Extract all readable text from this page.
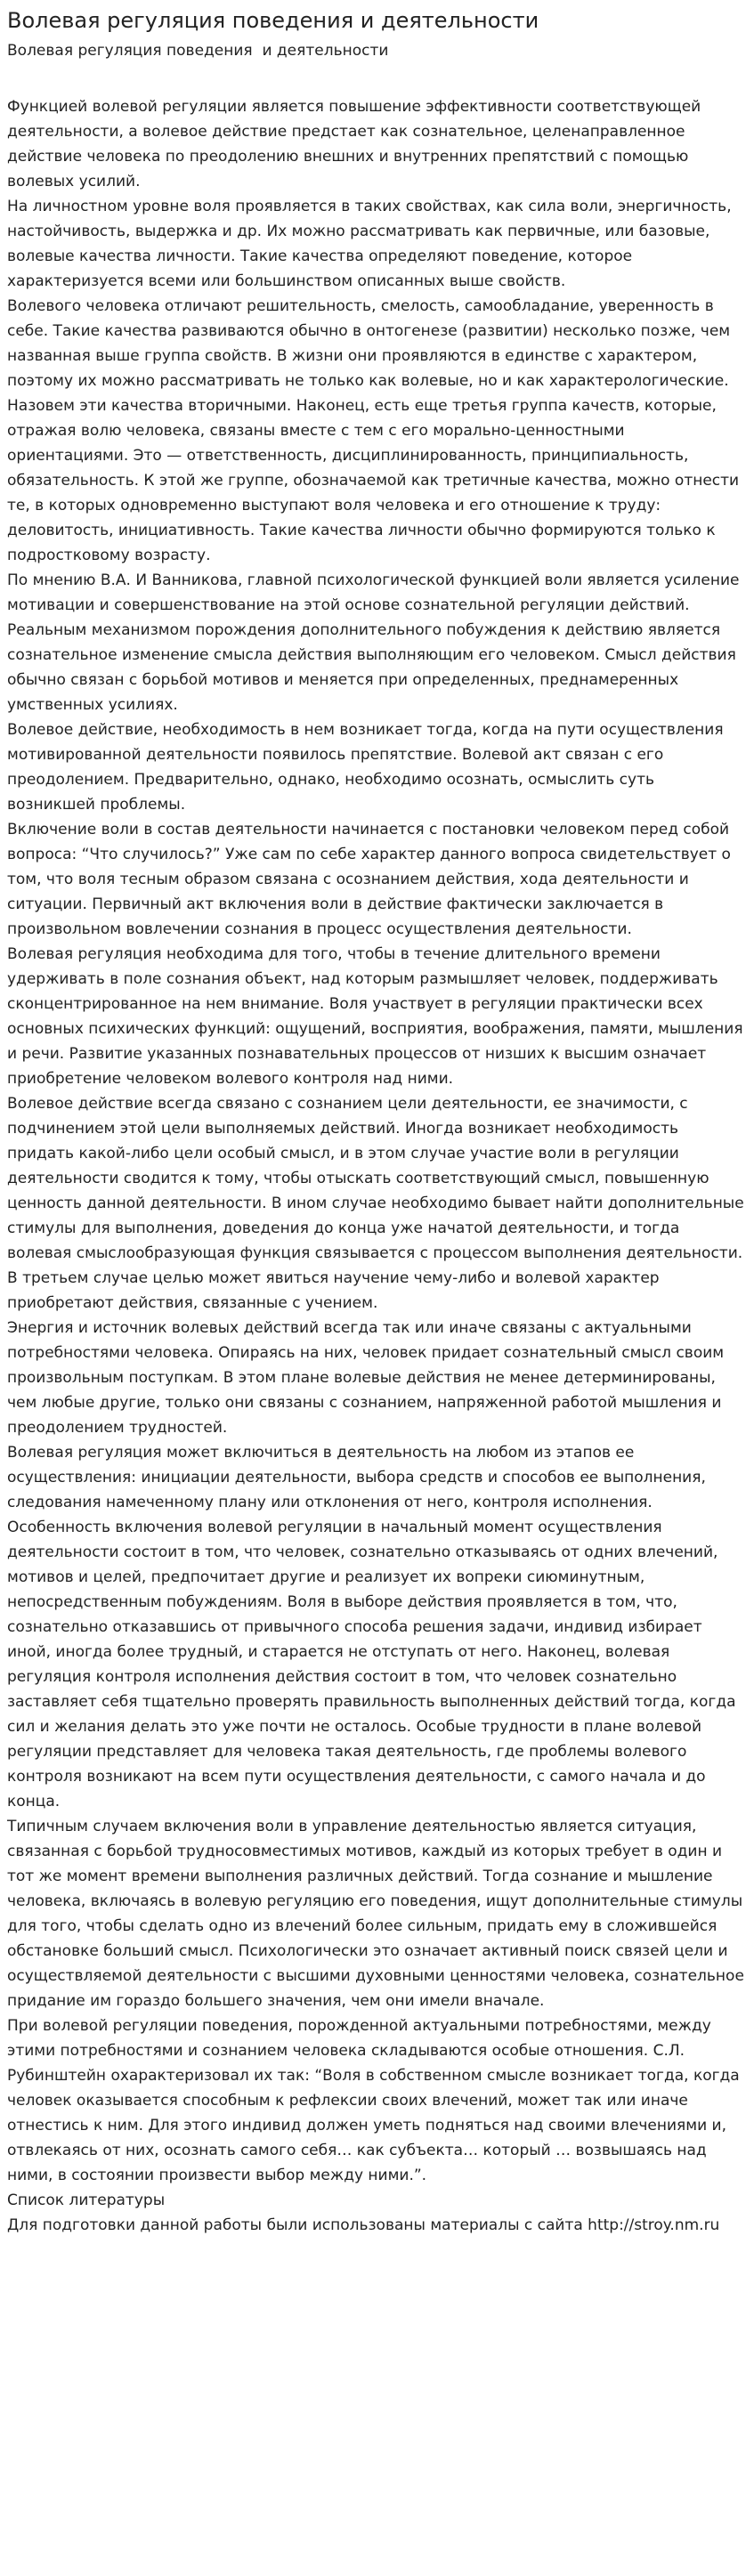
Волевая регуляция поведения и деятельности
Волевая регуляция поведения  и деятельности

Функцией волевой регуляции является повышение эффективности соответствующей деятельности, а волевое действие предстает как сознательное, целенаправленное действие человека по преодолению внешних и внутренних препятствий с помощью волевых усилий.

На личностном уровне воля проявляется в таких свойствах, как сила воли, энергичность, настойчивость, выдержка и др. Их можно рассматривать как первичные, или базовые, волевые качества личности. Такие качества определяют поведение, которое характеризуется всеми или большинством описанных выше свойств.

Волевого человека отличают решительность, смелость, самообладание, уверенность в себе. Такие качества развиваются обычно в онтогенезе (развитии) несколько позже, чем названная выше группа свойств. В жизни они проявляются в единстве с характером, поэтому их можно рассматривать не только как волевые, но и как характерологические. Назовем эти качества вторичными. Наконец, есть еще третья группа качеств, которые, отражая волю человека, связаны вместе с тем с его морально-ценностными ориентациями. Это — ответственность, дисциплинированность, принципиальность, обязательность. К этой же группе, обозначаемой как третичные качества, можно отнести те, в которых одновременно выступают воля человека и его отношение к труду: деловитость, инициативность. Такие качества личности обычно формируются только к подростковому возрасту.

По мнению В.А. И Ванникова, главной психологической функцией воли является усиление мотивации и совершенствование на этой основе сознательной регуляции действий. Реальным механизмом порождения дополнительного побуждения к действию является сознательное изменение смысла действия выполняющим его человеком. Смысл действия обычно связан с борьбой мотивов и меняется при определенных, преднамеренных умственных усилиях.

Волевое действие, необходимость в нем возникает тогда, когда на пути осуществления мотивированной деятельности появилось препятствие. Волевой акт связан с его преодолением. Предварительно, однако, необходимо осознать, осмыслить суть возникшей проблемы.

Включение воли в состав деятельности начинается с постановки человеком перед собой вопроса: “Что случилось?” Уже сам по себе характер данного вопроса свидетельствует о том, что воля тесным образом связана с осознанием действия, хода деятельности и ситуации. Первичный акт включения воли в действие фактически заключается в произвольном вовлечении сознания в процесс осуществления деятельности.

Волевая регуляция необходима для того, чтобы в течение длительного времени удерживать в поле сознания объект, над которым размышляет человек, поддерживать сконцентрированное на нем внимание. Воля участвует в регуляции практически всех основных психических функций: ощущений, восприятия, воображения, памяти, мышления и речи. Развитие указанных познавательных процессов от низших к высшим означает приобретение человеком волевого контроля над ними.

Волевое действие всегда связано с сознанием цели деятельности, ее значимости, с подчинением этой цели выполняемых действий. Иногда возникает необходимость придать какой-либо цели особый смысл, и в этом случае участие воли в регуляции деятельности сводится к тому, чтобы отыскать соответствующий смысл, повышенную ценность данной деятельности. В ином случае необходимо бывает найти дополнительные стимулы для выполнения, доведения до конца уже начатой деятельности, и тогда волевая смыслообразующая функция связывается с процессом выполнения деятельности. В третьем случае целью может явиться научение чему-либо и волевой характер приобретают действия, связанные с учением.

Энергия и источник волевых действий всегда так или иначе связаны с актуальными потребностями человека. Опираясь на них, человек придает сознательный смысл своим произвольным поступкам. В этом плане волевые действия не менее детерминированы, чем любые другие, только они связаны с сознанием, напряженной работой мышления и преодолением трудностей.

Волевая регуляция может включиться в деятельность на любом из этапов ее осуществления: инициации деятельности, выбора средств и способов ее выполнения, следования намеченному плану или отклонения от него, контроля исполнения. Особенность включения волевой регуляции в начальный момент осуществления деятельности состоит в том, что человек, сознательно отказываясь от одних влечений, мотивов и целей, предпочитает другие и реализует их вопреки сиюминутным, непосредственным побуждениям. Воля в выборе действия проявляется в том, что, сознательно отказавшись от привычного способа решения задачи, индивид избирает иной, иногда более трудный, и старается не отступать от него. Наконец, волевая регуляция контроля исполнения действия состоит в том, что человек сознательно заставляет себя тщательно проверять правильность выполненных действий тогда, когда сил и желания делать это уже почти не осталось. Особые трудности в плане волевой регуляции представляет для человека такая деятельность, где проблемы волевого контроля возникают на всем пути осуществления деятельности, с самого начала и до конца.

Типичным случаем включения воли в управление деятельностью является ситуация, связанная с борьбой трудносовместимых мотивов, каждый из которых требует в один и тот же момент времени выполнения различных действий. Тогда сознание и мышление человека, включаясь в волевую регуляцию его поведения, ищут дополнительные стимулы для того, чтобы сделать одно из влечений более сильным, придать ему в сложившейся обстановке больший смысл. Психологически это означает активный поиск связей цели и осуществляемой деятельности с высшими духовными ценностями человека, сознательное придание им гораздо большего значения, чем они имели вначале.

При волевой регуляции поведения, порожденной актуальными потребностями, между этими потребностями и сознанием человека складываются особые отношения. С.Л. Рубинштейн охарактеризовал их так: “Воля в собственном смысле возникает тогда, когда человек оказывается способным к рефлексии своих влечений, может так или иначе отнестись к ним. Для этого индивид должен уметь подняться над своими влечениями и, отвлекаясь от них, осознать самого себя… как субъекта… который … возвышаясь над ними, в состоянии произвести выбор между ними.”.

Список литературы

Для подготовки данной работы были использованы материалы с сайта http://stroy.nm.ru
